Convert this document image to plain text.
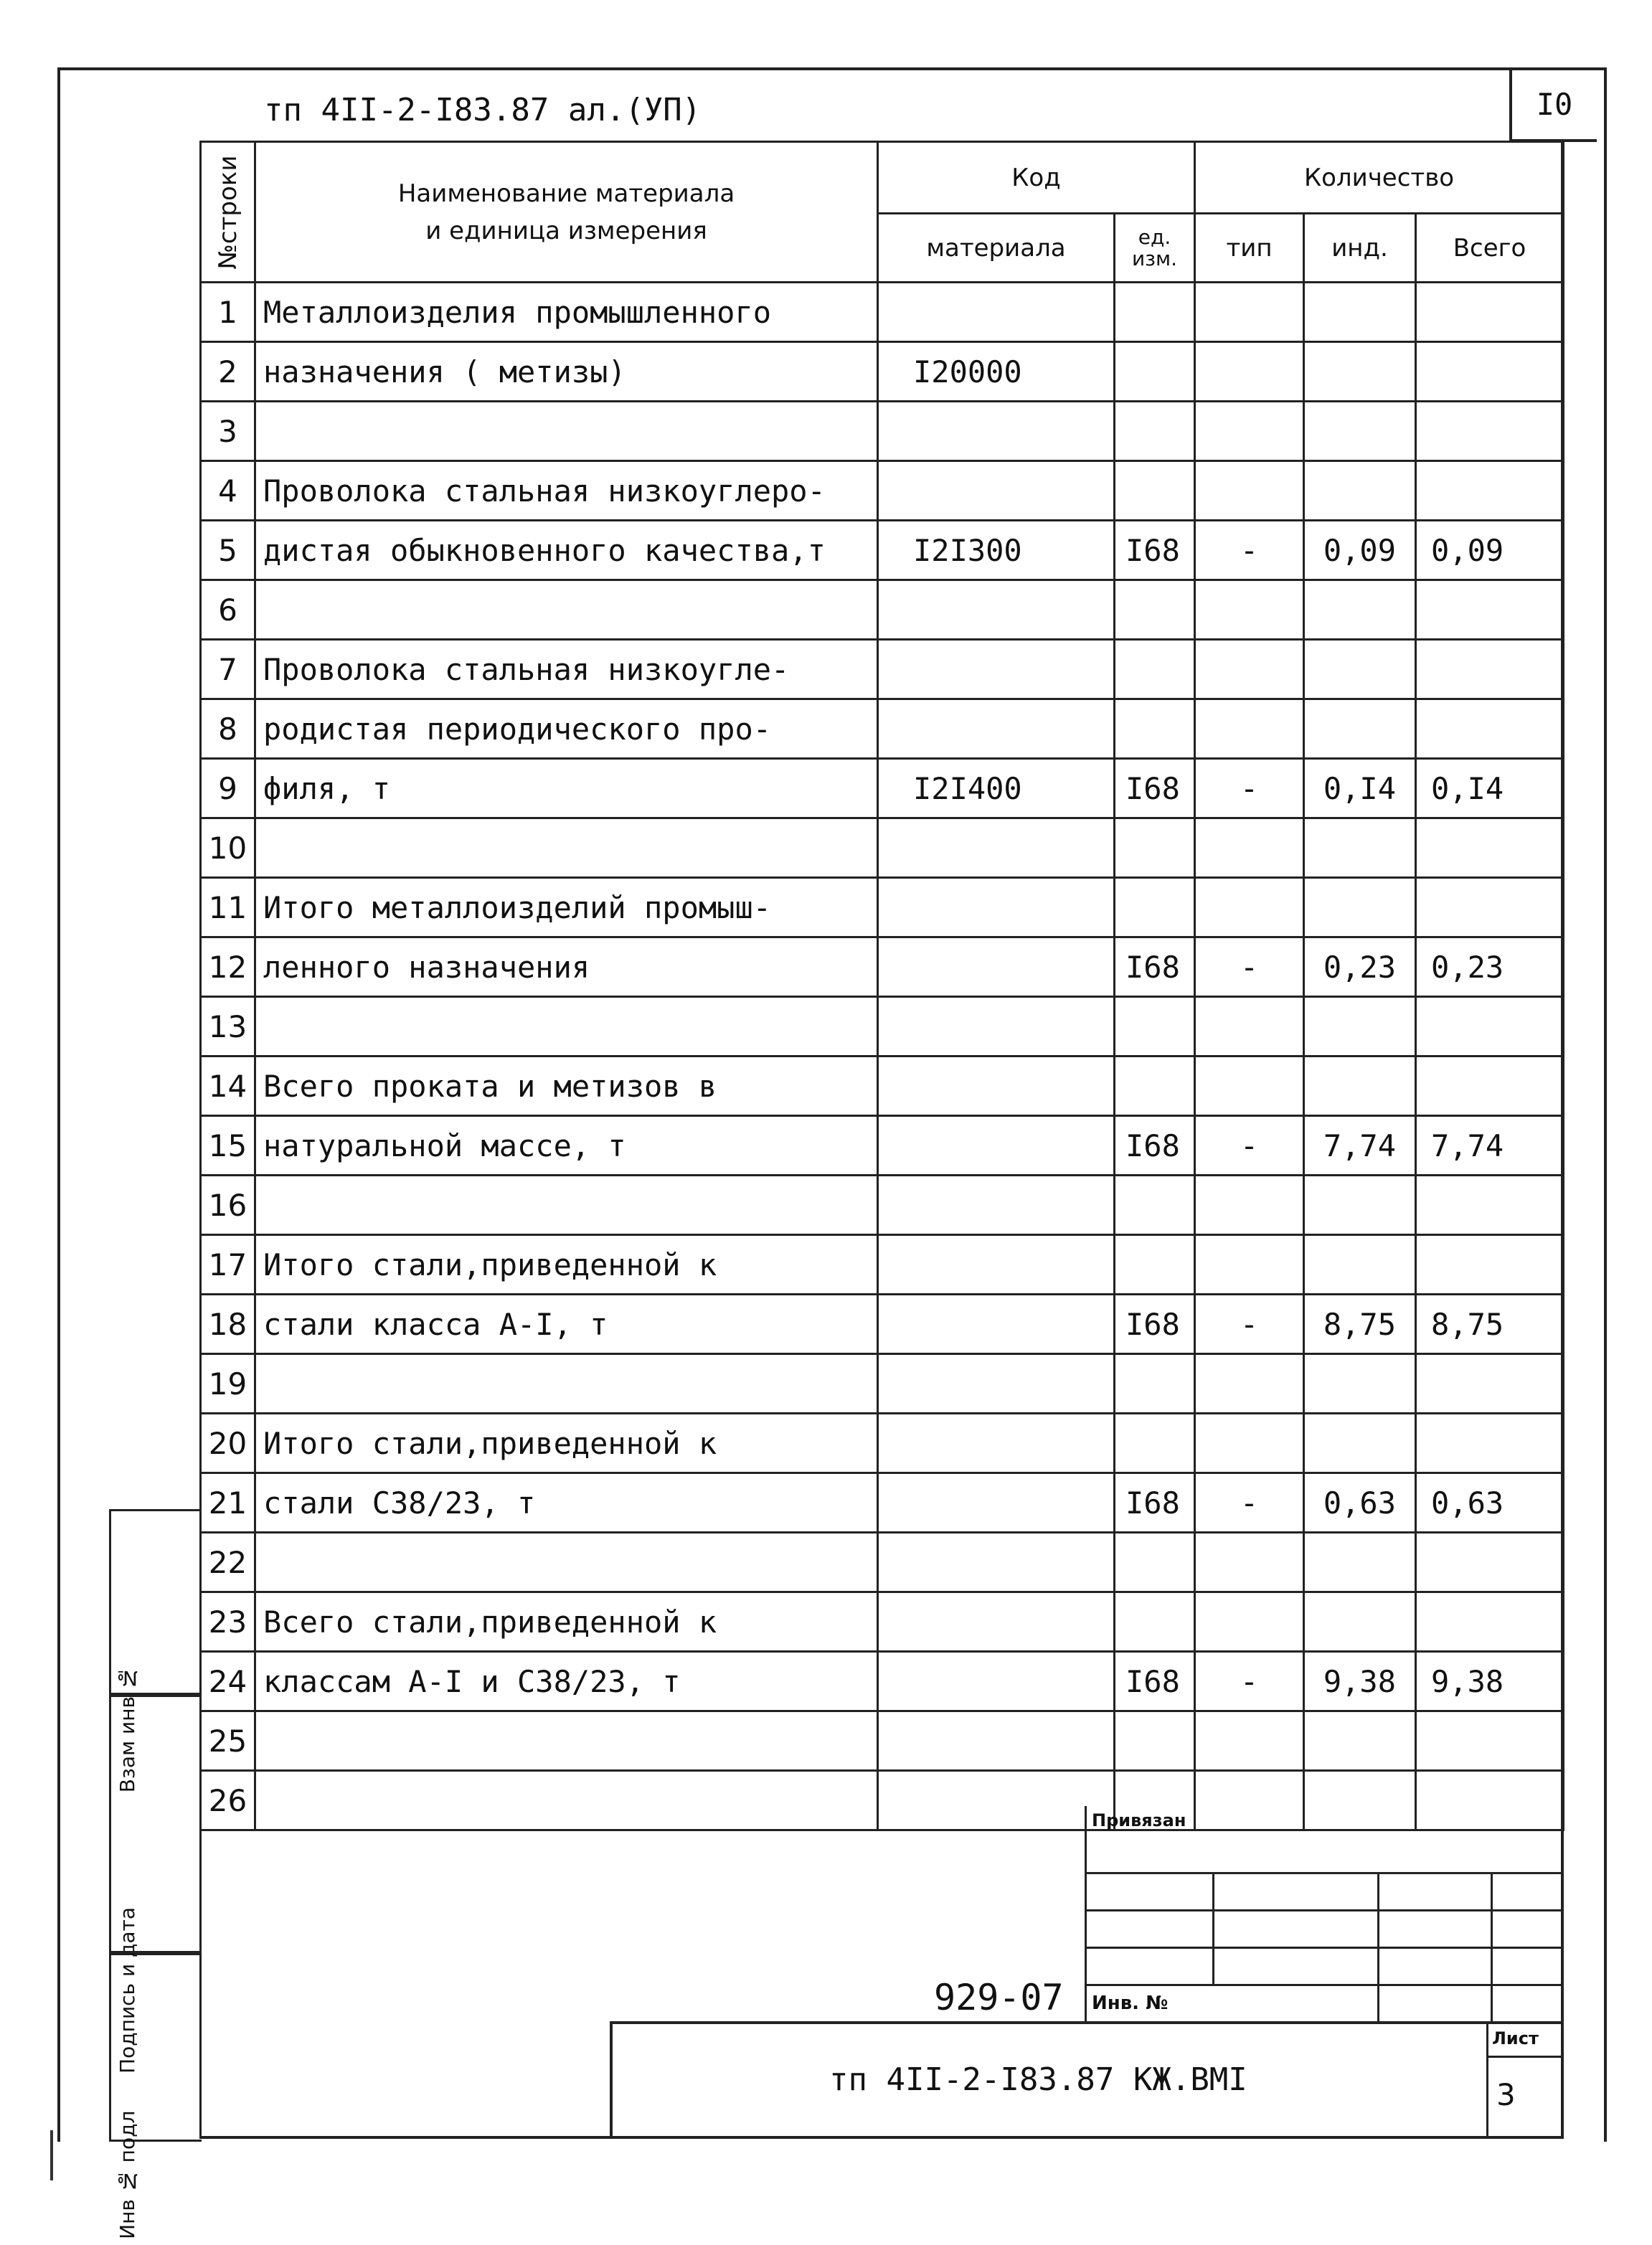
тп 4II-2-I83.87 ал.(УП)	I0
№строки	Наименование материала
и единица измерения	Код		Количество		
		материала	ед. изм.	тип	инд.	Всего
1	Металлоизделия промышленного					
2	назначения ( метизы)	I20000				
3						
4	Проволока стальная низкоуглеро-					
5	дистая обыкновенного качества,т	I2I300	I68	-	0,09	0,09
6						
7	Проволока стальная низкоугле-					
8	родистая периодического про-					
9	филя, т	I2I400	I68	-	0,I4	0,I4
10						
11	Итого металлоизделий промыш-					
12	ленного назначения		I68	-	0,23	0,23
13						
14	Всего проката и метизов в					
15	натуральной массе, т		I68	-	7,74	7,74
16						
17	Итого стали,приведенной к					
18	стали класса А-I, т		I68	-	8,75	8,75
19						
20	Итого стали,приведенной к					
21	стали С38/23, т		I68	-	0,63	0,63
22						
23	Всего стали,приведенной к					
24	классам А-I и С38/23, т		I68	-	9,38	9,38
25						
26						
Привязан
Инв. №
929-07
тп 4II-2-I83.87 КЖ.ВМI
Лист
3
Взам инв №
Подпись и дата
Инв № подл
